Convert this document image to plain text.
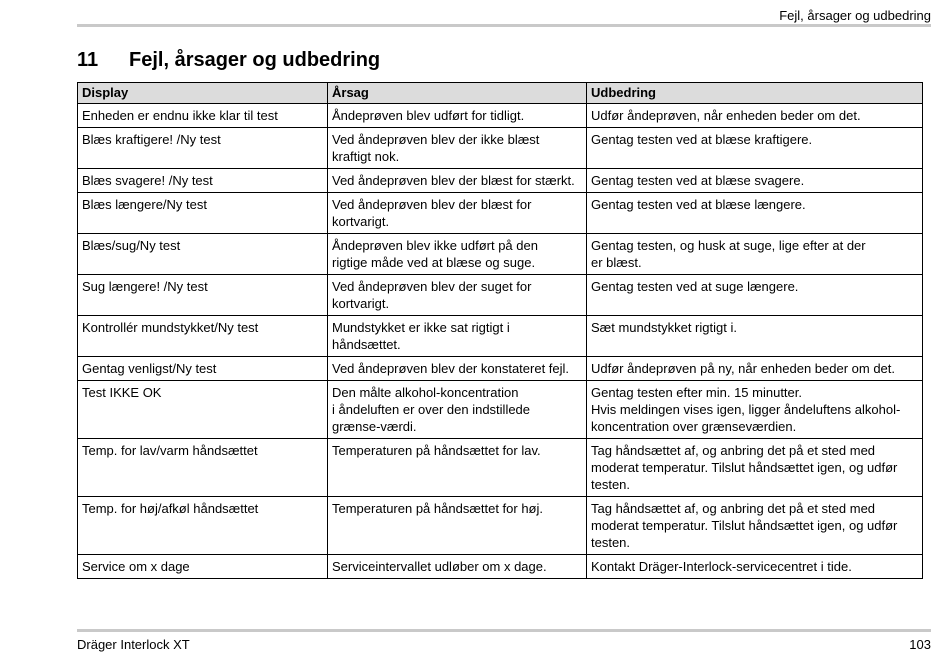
Fejl, årsager og udbedring
11 Fejl, årsager og udbedring
Display	Årsag	Udbedring

Enheden er endnu ikke klar til test	Åndeprøven blev udført for tidligt.	Udfør åndeprøven, når enheden beder om det.

Blæs kraftigere! /Ny test	Ved åndeprøven blev der ikke blæst
kraftigt nok.	Gentag testen ved at blæse kraftigere.

Blæs svagere! /Ny test	Ved åndeprøven blev der blæst for stærkt.	Gentag testen ved at blæse svagere.

Blæs længere/Ny test	Ved åndeprøven blev der blæst for
kortvarigt.	Gentag testen ved at blæse længere.

Blæs/sug/Ny test	Åndeprøven blev ikke udført på den
rigtige måde ved at blæse og suge.	Gentag testen, og husk at suge, lige efter at der
er blæst.

Sug længere! /Ny test	Ved åndeprøven blev der suget for
kortvarigt.	Gentag testen ved at suge længere.

Kontrollér mundstykket/Ny test	Mundstykket er ikke sat rigtigt i
håndsættet.	Sæt mundstykket rigtigt i.

Gentag venligst/Ny test	Ved åndeprøven blev der konstateret fejl.	Udfør åndeprøven på ny, når enheden beder om det.

Test IKKE OK	Den målte alkohol-koncentration
i åndeluften er over den indstillede
grænse-værdi.	Gentag testen efter min. 15 minutter.
Hvis meldingen vises igen, ligger åndeluftens alkohol-
koncentration over grænseværdien.

Temp. for lav/varm håndsættet	Temperaturen på håndsættet for lav.	Tag håndsættet af, og anbring det på et sted med
moderat temperatur. Tilslut håndsættet igen, og udfør
testen.

Temp. for høj/afkøl håndsættet	Temperaturen på håndsættet for høj.	Tag håndsættet af, og anbring det på et sted med
moderat temperatur. Tilslut håndsættet igen, og udfør
testen.

Service om x dage	Serviceintervallet udløber om x dage.	Kontakt Dräger-Interlock-servicecentret i tide.
Dräger Interlock XT	103
